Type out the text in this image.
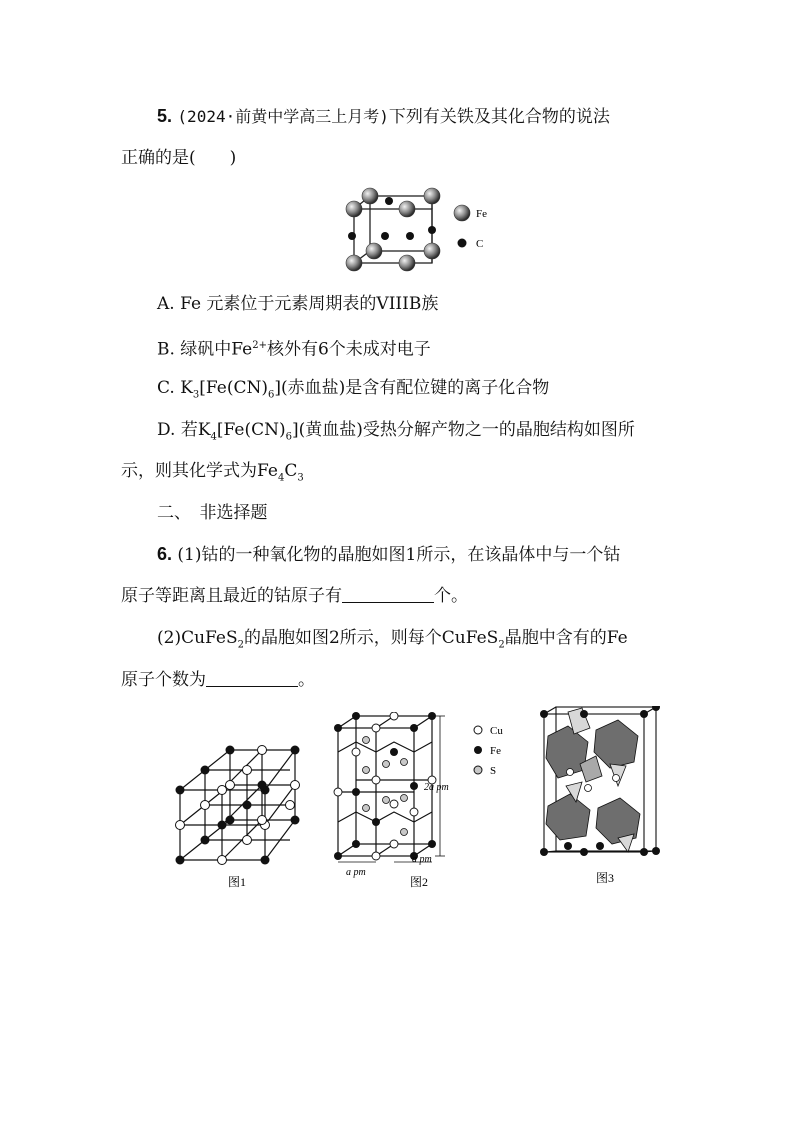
5. (2024·前黄中学高三上月考)下列有关铁及其化合物的说法
正确的是(　　)
Fe
C
A. Fe 元素位于元素周期表的VIIIB族
B. 绿矾中$Fe^{2+}$核外有6个未成对电子
C. $K_3[Fe(CN)_6]$(赤血盐)是含有配位键的离子化合物
D. 若$K_4[Fe(CN)_6]$(黄血盐)受热分解产物之一的晶胞结构如图所
示，则其化学式为$Fe_4C_3$
二、　非选择题
6. (1)钴的一种氧化物的晶胞如图1所示，在该晶体中与一个钴
原子等距离且最近的钴原子有	个。
(2)CuFeS$_2$的晶胞如图2所示，则每个CuFeS$_2$晶胞中含有的Fe
原子个数为	。
图1
2a pm
a pm
a pm
图2
Cu
Fe
S
图3
